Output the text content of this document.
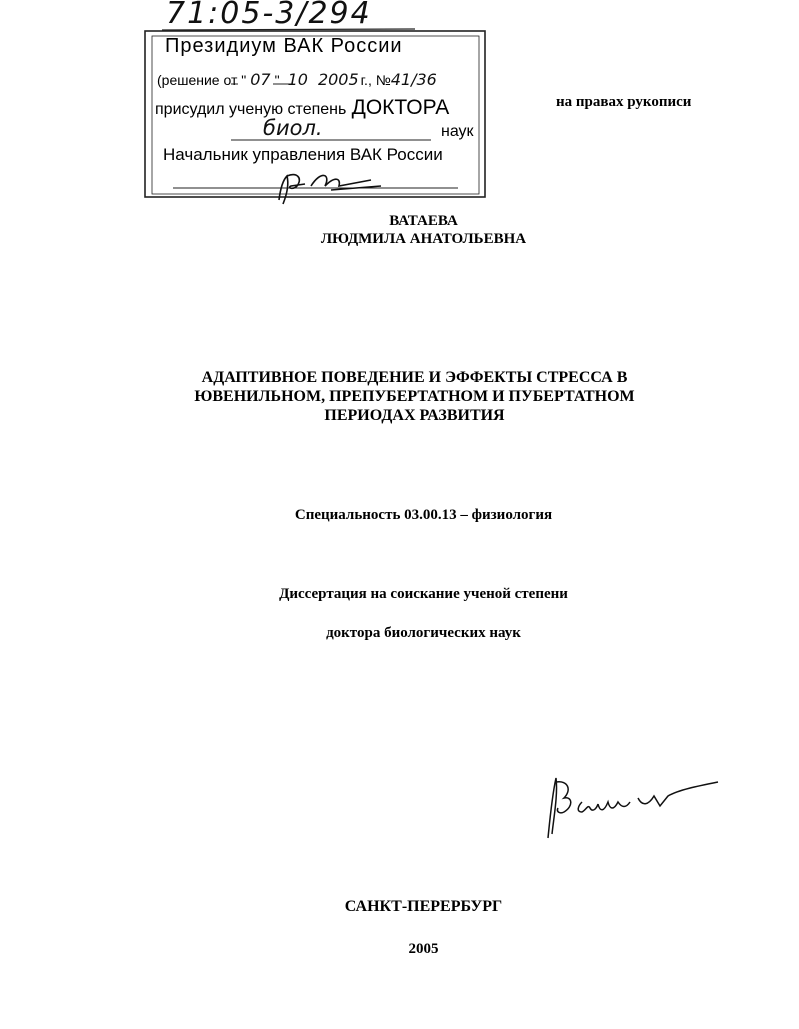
71:05-3/294
Президиум ВАК России
(решение от " 07 " 10 2005 г., №41/36
присудил ученую степень ДОКТОРА
биол.	наук
Начальник управления ВАК России
на правах рукописи
ВАТАЕВА
ЛЮДМИЛА АНАТОЛЬЕВНА
АДАПТИВНОЕ ПОВЕДЕНИЕ И ЭФФЕКТЫ СТРЕССА В
ЮВЕНИЛЬНОМ, ПРЕПУБЕРТАТНОМ И ПУБЕРТАТНОМ
ПЕРИОДАХ РАЗВИТИЯ
Специальность 03.00.13 – физиология
Диссертация на соискание ученой степени
доктора биологических наук
САНКТ-ПЕРЕРБУРГ
2005
